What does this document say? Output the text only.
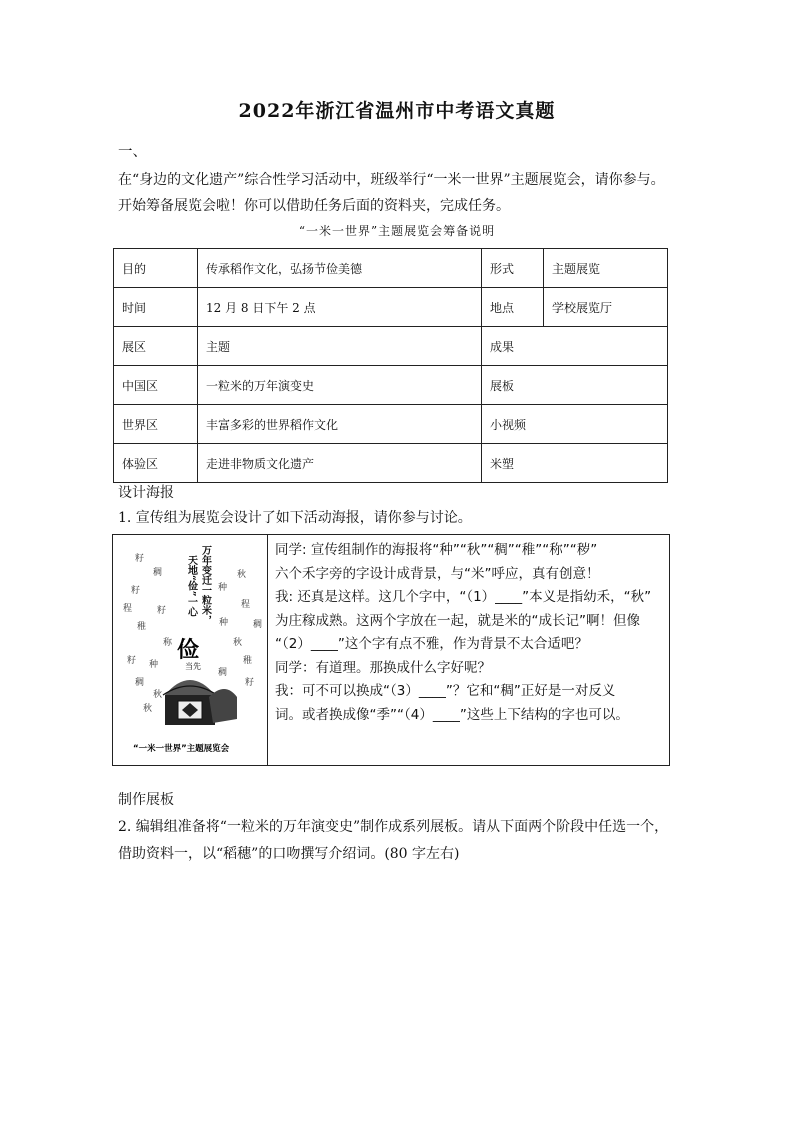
2022年浙江省温州市中考语文真题
一、
在“身边的文化遗产”综合性学习活动中，班级举行“一米一世界”主题展览会，请你参与。
开始筹备展览会啦！你可以借助任务后面的资料夹，完成任务。
“一米一世界”主题展览会筹备说明
目的	传承稻作文化，弘扬节俭美德	形式	主题展览
时间	12 月 8 日下午 2 点	地点	学校展览厅
展区	主题	成果	
中国区	一粒米的万年演变史	展板	
世界区	丰富多彩的世界稻作文化	小视频	
体验区	走进非物质文化遗产	米塑	
设计海报
1. 宣传组为展览会设计了如下活动海报，请你参与讨论。
籽
稠
籽
秋
种
程	籽
程
稚	种	稠
称	秋
籽 种	稚
稠
秋
稠
籽
秋
万年变迁一粒米，
天地“俭”一心
俭
当先
“一米一世界”主题展览会
同学: 宣传组制作的海报将“种”“秋”“稠”“稚”“称”“秽”
六个禾字旁的字设计成背景，与“米”呼应，真有创意！
我: 还真是这样。这几个字中，“（1）____”本义是指幼禾，“秋”
为庄稼成熟。这两个字放在一起，就是米的“成长记”啊！但像
“（2）____”这个字有点不雅，作为背景不太合适吧？
同学：有道理。那换成什么字好呢？
我：可不可以换成“（3）____”？它和“稠”正好是一对反义
词。或者换成像“季”“（4）____”这些上下结构的字也可以。
制作展板
2. 编辑组准备将“一粒米的万年演变史”制作成系列展板。请从下面两个阶段中任选一个，
借助资料一，以“稻穗”的口吻撰写介绍词。(80 字左右)
